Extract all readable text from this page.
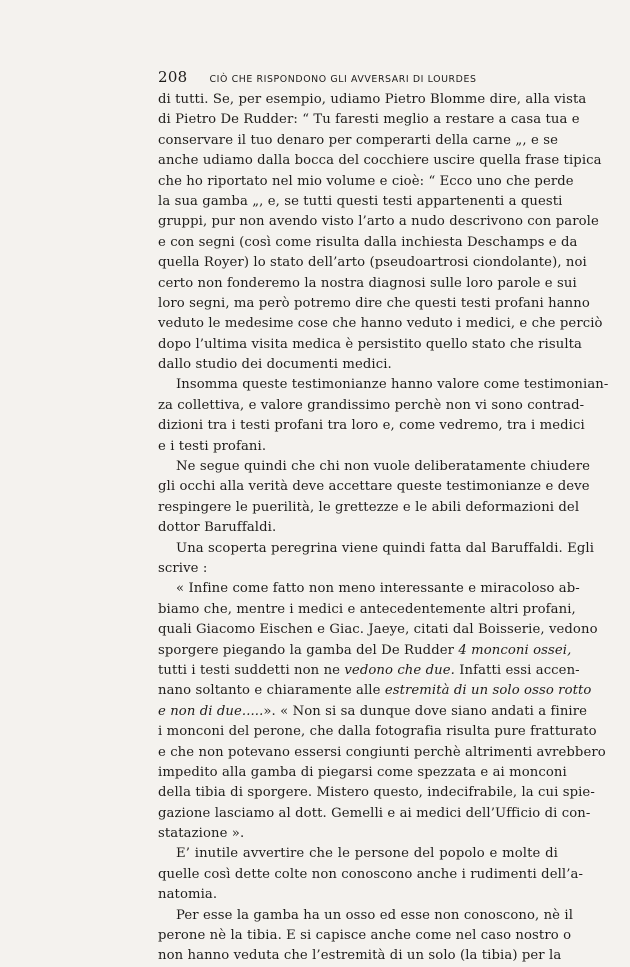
208 CIÒ CHE RISPONDONO GLI AVVERSARI DI LOURDES
di tutti. Se, per esempio, udiamo Pietro Blomme dire, alla vista
di Pietro De Rudder: “ Tu faresti meglio a restare a casa tua e
conservare il tuo denaro per comperarti della carne „, e se
anche udiamo dalla bocca del cocchiere uscire quella frase tipica
che ho riportato nel mio volume e cioè: “ Ecco uno che perde
la sua gamba „, e, se tutti questi testi appartenenti a questi
gruppi, pur non avendo visto l’arto a nudo descrivono con parole
e con segni (così come risulta dalla inchiesta Deschamps e da
quella Royer) lo stato dell’arto (pseudoartrosi ciondolante), noi
certo non fonderemo la nostra diagnosi sulle loro parole e sui
loro segni, ma però potremo dire che questi testi profani hanno
veduto le medesime cose che hanno veduto i medici, e che perciò
dopo l’ultima visita medica è persistito quello stato che risulta
dallo studio dei documenti medici.
Insomma queste testimonianze hanno valore come testimonian-
za collettiva, e valore grandissimo perchè non vi sono contrad-
dizioni tra i testi profani tra loro e, come vedremo, tra i medici
e i testi profani.
Ne segue quindi che chi non vuole deliberatamente chiudere
gli occhi alla verità deve accettare queste testimonianze e deve
respingere le puerilità, le grettezze e le abili deformazioni del
dottor Baruffaldi.
Una scoperta peregrina viene quindi fatta dal Baruffaldi. Egli
scrive :
« Infine come fatto non meno interessante e miracoloso ab-
biamo che, mentre i medici e antecedentemente altri profani,
quali Giacomo Eischen e Giac. Jaeye, citati dal Boisserie, vedono
sporgere piegando la gamba del De Rudder 4 monconi ossei,
tutti i testi suddetti non ne vedono che due. Infatti essi accen-
nano soltanto e chiaramente alle estremità di un solo osso rotto
e non di due.....». « Non si sa dunque dove siano andati a finire
i monconi del perone, che dalla fotografia risulta pure fratturato
e che non potevano essersi congiunti perchè altrimenti avrebbero
impedito alla gamba di piegarsi come spezzata e ai monconi
della tibia di sporgere. Mistero questo, indecifrabile, la cui spie-
gazione lasciamo al dott. Gemelli e ai medici dell’Ufficio di con-
statazione ».
E’ inutile avvertire che le persone del popolo e molte di
quelle così dette colte non conoscono anche i rudimenti dell’a-
natomia.
Per esse la gamba ha un osso ed esse non conoscono, nè il
perone nè la tibia. E si capisce anche come nel caso nostro o
non hanno veduta che l’estremità di un solo (la tibia) per la
